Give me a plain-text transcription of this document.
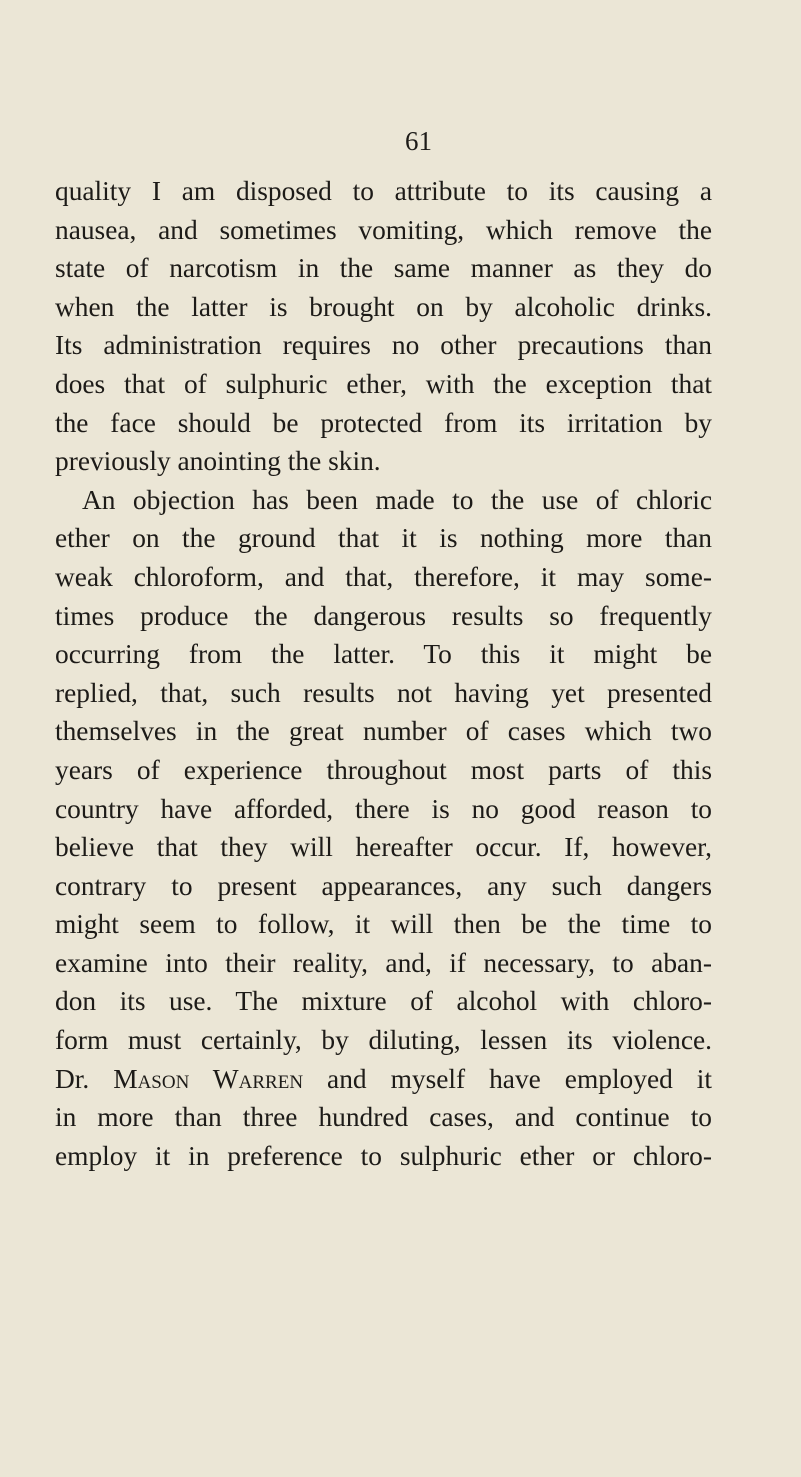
61
quality I am disposed to attribute to its causing a
nausea, and sometimes vomiting, which remove the
state of narcotism in the same manner as they do
when the latter is brought on by alcoholic drinks.
Its administration requires no other precautions than
does that of sulphuric ether, with the exception that
the face should be protected from its irritation by
previously anointing the skin.
An objection has been made to the use of chloric
ether on the ground that it is nothing more than
weak chloroform, and that, therefore, it may some-
times produce the dangerous results so frequently
occurring from the latter. To this it might be
replied, that, such results not having yet presented
themselves in the great number of cases which two
years of experience throughout most parts of this
country have afforded, there is no good reason to
believe that they will hereafter occur. If, however,
contrary to present appearances, any such dangers
might seem to follow, it will then be the time to
examine into their reality, and, if necessary, to aban-
don its use. The mixture of alcohol with chloro-
form must certainly, by diluting, lessen its violence.
Dr. Mason Warren and myself have employed it
in more than three hundred cases, and continue to
employ it in preference to sulphuric ether or chloro-
